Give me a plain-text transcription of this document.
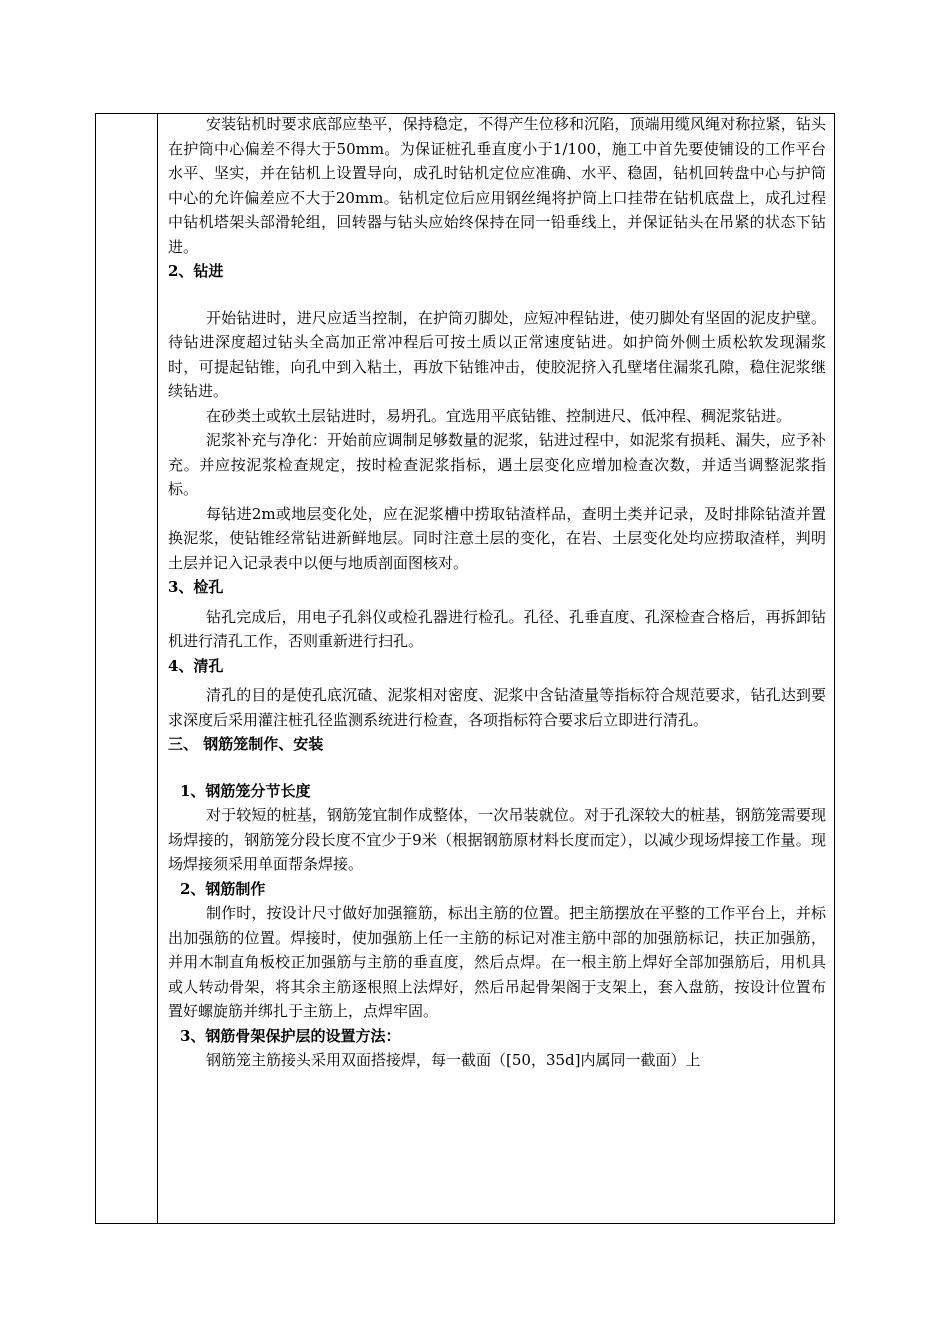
安装钻机时要求底部应垫平，保持稳定，不得产生位移和沉陷，顶端用缆风绳对称拉紧，钻头在护筒中心偏差不得大于50mm。为保证桩孔垂直度小于1/100，施工中首先要使铺设的工作平台水平、坚实，并在钻机上设置导向，成孔时钻机定位应准确、水平、稳固，钻机回转盘中心与护筒中心的允许偏差应不大于20mm。钻机定位后应用钢丝绳将护筒上口挂带在钻机底盘上，成孔过程中钻机塔架头部滑轮组，回转器与钻头应始终保持在同一铅垂线上，并保证钻头在吊紧的状态下钻进。

2、钻进

开始钻进时，进尺应适当控制，在护筒刃脚处，应短冲程钻进，使刃脚处有坚固的泥皮护壁。待钻进深度超过钻头全高加正常冲程后可按土质以正常速度钻进。如护筒外侧土质松软发现漏浆时，可提起钻锥，向孔中到入粘土，再放下钻锥冲击，使胶泥挤入孔壁堵住漏浆孔隙，稳住泥浆继续钻进。

在砂类土或软土层钻进时，易坍孔。宜选用平底钻锥、控制进尺、低冲程、稠泥浆钻进。

泥浆补充与净化：开始前应调制足够数量的泥浆，钻进过程中，如泥浆有损耗、漏失，应予补充。并应按泥浆检查规定，按时检查泥浆指标，遇土层变化应增加检查次数，并适当调整泥浆指标。

每钻进2m或地层变化处，应在泥浆槽中捞取钻渣样品，查明土类并记录，及时排除钻渣并置换泥浆，使钻锥经常钻进新鲜地层。同时注意土层的变化，在岩、土层变化处均应捞取渣样，判明土层并记入记录表中以便与地质剖面图核对。

3、检孔

钻孔完成后，用电子孔斜仪或检孔器进行检孔。孔径、孔垂直度、孔深检查合格后，再拆卸钻机进行清孔工作，否则重新进行扫孔。

4、清孔

清孔的目的是使孔底沉碴、泥浆相对密度、泥浆中含钻渣量等指标符合规范要求，钻孔达到要求深度后采用灌注桩孔径监测系统进行检查，各项指标符合要求后立即进行清孔。

三、 钢筋笼制作、安装

1、钢筋笼分节长度

对于较短的桩基，钢筋笼宜制作成整体，一次吊装就位。对于孔深较大的桩基，钢筋笼需要现场焊接的，钢筋笼分段长度不宜少于9米（根据钢筋原材料长度而定），以减少现场焊接工作量。现场焊接须采用单面帮条焊接。

2、钢筋制作

制作时，按设计尺寸做好加强箍筋，标出主筋的位置。把主筋摆放在平整的工作平台上，并标出加强筋的位置。焊接时，使加强筋上任一主筋的标记对准主筋中部的加强筋标记，扶正加强筋，并用木制直角板校正加强筋与主筋的垂直度，然后点焊。在一根主筋上焊好全部加强筋后，用机具或人转动骨架，将其余主筋逐根照上法焊好，然后吊起骨架阁于支架上，套入盘筋，按设计位置布置好螺旋筋并绑扎于主筋上，点焊牢固。

3、钢筋骨架保护层的设置方法：

钢筋笼主筋接头采用双面搭接焊，每一截面（[50，35d]内属同一截面）上
